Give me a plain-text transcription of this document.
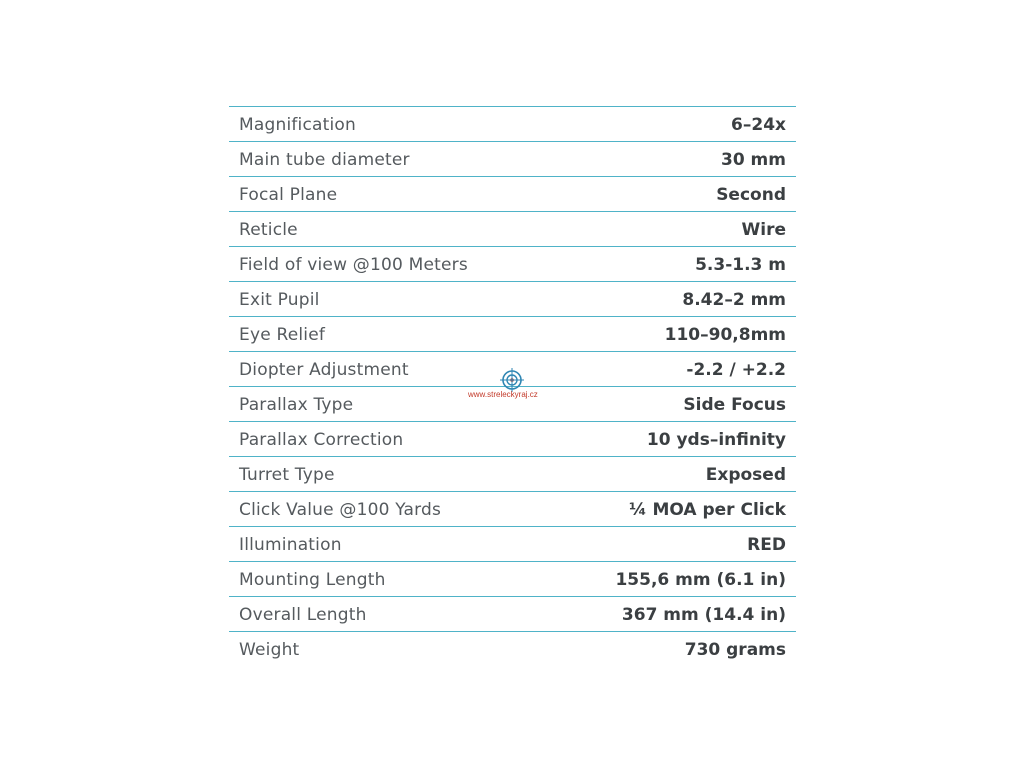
Magnification	6–24x
Main tube diameter	30 mm
Focal Plane	Second
Reticle	Wire
Field of view @100 Meters	5.3-1.3 m
Exit Pupil	8.42–2 mm
Eye Relief	110–90,8mm
Diopter Adjustment	-2.2 / +2.2
Parallax Type	Side Focus
Parallax Correction	10 yds–infinity
Turret Type	Exposed
Click Value @100 Yards	¼ MOA per Click
Illumination	RED
Mounting Length	155,6 mm (6.1 in)
Overall Length	367 mm (14.4 in)
Weight	730 grams
www.streleckyraj.cz
